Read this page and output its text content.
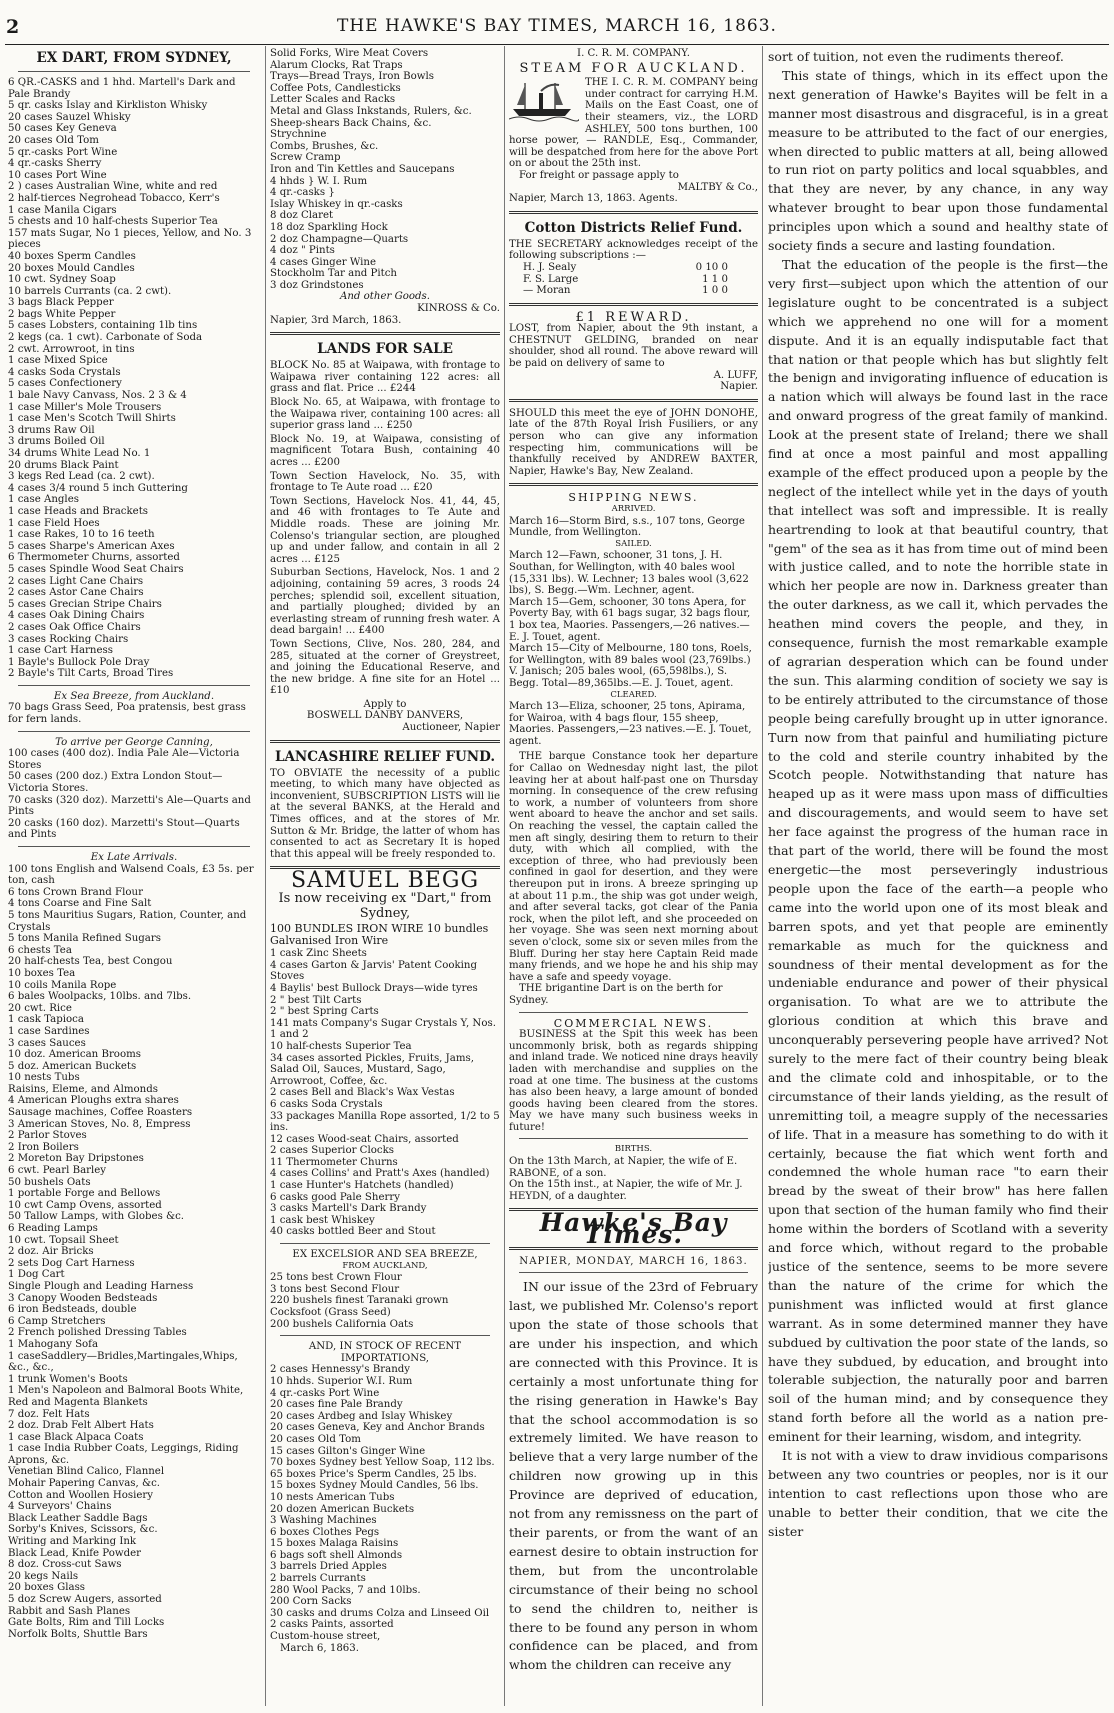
2	THE HAWKE'S BAY TIMES, MARCH 16, 1863.
EX DART, FROM SYDNEY,

6 QR.-CASKS and 1 hhd. Martell's Dark and Pale Brandy

5 qr. casks Islay and Kirkliston Whisky

20 cases Sauzel Whisky

50 cases Key Geneva

20 cases Old Tom

5 qr.-casks Port Wine

4 qr.-casks Sherry

10 cases Port Wine

2 ) cases Australian Wine, white and red

2 half-tierces Negrohead Tobacco, Kerr's

1 case Manila Cigars

5 chests and 10 half-chests Superior Tea

157 mats Sugar, No 1 pieces, Yellow, and No. 3 pieces

40 boxes Sperm Candles

20 boxes Mould Candles

10 cwt. Sydney Soap

10 barrels Currants (ca. 2 cwt).

3 bags Black Pepper

2 bags White Pepper

5 cases Lobsters, containing 1lb tins

2 kegs (ca. 1 cwt). Carbonate of Soda

2 cwt. Arrowroot, in tins

1 case Mixed Spice

4 casks Soda Crystals

5 cases Confectionery

1 bale Navy Canvass, Nos. 2 3 & 4

1 case Miller's Mole Trousers

1 case Men's Scotch Twill Shirts

3 drums Raw Oil

3 drums Boiled Oil

34 drums White Lead No. 1

20 drums Black Paint

3 kegs Red Lead (ca. 2 cwt).

4 cases 3/4 round 5 inch Guttering

1 case Angles

1 case Heads and Brackets

1 case Field Hoes

1 case Rakes, 10 to 16 teeth

5 cases Sharpe's American Axes

6 Thermometer Churns, assorted

5 cases Spindle Wood Seat Chairs

2 cases Light Cane Chairs

2 cases Astor Cane Chairs

5 cases Grecian Stripe Chairs

4 cases Oak Dining Chairs

2 cases Oak Office Chairs

3 cases Rocking Chairs

1 case Cart Harness

1 Bayle's Bullock Pole Dray

2 Bayle's Tilt Carts, Broad Tires

Ex Sea Breeze, from Auckland.

70 bags Grass Seed, Poa pratensis, best grass for fern lands.

To arrive per George Canning,

100 cases (400 doz). India Pale Ale—Victoria Stores

50 cases (200 doz.) Extra London Stout—Victoria Stores.

70 casks (320 doz). Marzetti's Ale—Quarts and Pints

20 casks (160 doz). Marzetti's Stout—Quarts and Pints

Ex Late Arrivals.

100 tons English and Walsend Coals, £3 5s. per ton, cash

6 tons Crown Brand Flour

4 tons Coarse and Fine Salt

5 tons Mauritius Sugars, Ration, Counter, and Crystals

5 tons Manila Refined Sugars

6 chests Tea

20 half-chests Tea, best Congou

10 boxes Tea

10 coils Manila Rope

6 bales Woolpacks, 10lbs. and 7lbs.

20 cwt. Rice

1 cask Tapioca

1 case Sardines

3 cases Sauces

10 doz. American Brooms

5 doz. American Buckets

10 nests Tubs

Raisins, Eleme, and Almonds

4 American Ploughs extra shares

Sausage machines, Coffee Roasters

3 American Stoves, No. 8, Empress

2 Parlor Stoves

2 Iron Boilers

2 Moreton Bay Dripstones

6 cwt. Pearl Barley

50 bushels Oats

1 portable Forge and Bellows

10 cwt Camp Ovens, assorted

50 Tallow Lamps, with Globes &c.

6 Reading Lamps

10 cwt. Topsail Sheet

2 doz. Air Bricks

2 sets Dog Cart Harness

1 Dog Cart

Single Plough and Leading Harness

3 Canopy Wooden Bedsteads

6 iron Bedsteads, double

6 Camp Stretchers

2 French polished Dressing Tables

1 Mahogany Sofa

1 caseSaddlery—Bridles,Martingales,Whips, &c., &c.,

1 trunk Women's Boots

1 Men's Napoleon and Balmoral Boots White, Red and Magenta Blankets

7 doz. Felt Hats

2 doz. Drab Felt Albert Hats

1 case Black Alpaca Coats

1 case India Rubber Coats, Leggings, Riding Aprons, &c.

Venetian Blind Calico, Flannel

Mohair Papering Canvas, &c.

Cotton and Woollen Hosiery

4 Surveyors' Chains

Black Leather Saddle Bags

Sorby's Knives, Scissors, &c.

Writing and Marking Ink

Black Lead, Knife Powder

8 doz. Cross-cut Saws

20 kegs Nails

20 boxes Glass

5 doz Screw Augers, assorted

Rabbit and Sash Planes

Gate Bolts, Rim and Till Locks

Norfolk Bolts, Shuttle Bars

Solid Forks, Wire Meat Covers

Alarum Clocks, Rat Traps

Trays—Bread Trays, Iron Bowls

Coffee Pots, Candlesticks

Letter Scales and Racks

Metal and Glass Inkstands, Rulers, &c.

Sheep-shears Back Chains, &c.

Strychnine

Combs, Brushes, &c.

Screw Cramp

Iron and Tin Kettles and Saucepans

4 hhds } W. I. Rum

4 qr.-casks }

Islay Whiskey in qr.-casks

8 doz Claret

18 doz Sparkling Hock

2 doz Champagne—Quarts

4 doz " Pints

4 cases Ginger Wine

Stockholm Tar and Pitch

3 doz Grindstones

And other Goods.

KINROSS & Co.

Napier, 3rd March, 1863.

LANDS FOR SALE

BLOCK No. 85 at Waipawa, with frontage to Waipawa river containing 122 acres: all grass and flat. Price ... £244

Block No. 65, at Waipawa, with frontage to the Waipawa river, containing 100 acres: all superior grass land ... £250

Block No. 19, at Waipawa, consisting of magnificent Totara Bush, containing 40 acres ... £200

Town Section Havelock, No. 35, with frontage to Te Aute road ... £20

Town Sections, Havelock Nos. 41, 44, 45, and 46 with frontages to Te Aute and Middle roads. These are joining Mr. Colenso's triangular section, are ploughed up and under fallow, and contain in all 2 acres ... £125

Suburban Sections, Havelock, Nos. 1 and 2 adjoining, containing 59 acres, 3 roods 24 perches; splendid soil, excellent situation, and partially ploughed; divided by an everlasting stream of running fresh water. A dead bargain! ... £400

Town Sections, Clive, Nos. 280, 284, and 285, situated at the corner of Greystreet, and joining the Educational Reserve, and the new bridge. A fine site for an Hotel ... £10

Apply to

BOSWELL DANBY DANVERS,

Auctioneer, Napier

LANCASHIRE RELIEF FUND.

TO OBVIATE the necessity of a public meeting, to which many have objected as inconvenient, SUBSCRIPTION LISTS will lie at the several BANKS, at the Herald and Times offices, and at the stores of Mr. Sutton & Mr. Bridge, the latter of whom has consented to act as Secretary It is hoped that this appeal will be freely responded to.

SAMUEL BEGG

Is now receiving ex "Dart," from Sydney,

100 BUNDLES IRON WIRE 10 bundles Galvanised Iron Wire

1 cask Zinc Sheets

4 cases Garton & Jarvis' Patent Cooking Stoves

4 Baylis' best Bullock Drays—wide tyres

2 " best Tilt Carts

2 " best Spring Carts

141 mats Company's Sugar Crystals Y, Nos. 1 and 2

10 half-chests Superior Tea

34 cases assorted Pickles, Fruits, Jams, Salad Oil, Sauces, Mustard, Sago, Arrowroot, Coffee, &c.

2 cases Bell and Black's Wax Vestas

6 casks Soda Crystals

33 packages Manilla Rope assorted, 1/2 to 5 ins.

12 cases Wood-seat Chairs, assorted

2 cases Superior Clocks

11 Thermometer Churns

4 cases Collins' and Pratt's Axes (handled)

1 case Hunter's Hatchets (handled)

6 casks good Pale Sherry

3 casks Martell's Dark Brandy

1 cask best Whiskey

40 casks bottled Beer and Stout

EX EXCELSIOR AND SEA BREEZE,

FROM AUCKLAND,

25 tons best Crown Flour

3 tons best Second Flour

220 bushels finest Taranaki grown Cocksfoot (Grass Seed)

200 bushels California Oats

AND, IN STOCK OF RECENT IMPORTATIONS,

2 cases Hennessy's Brandy

10 hhds. Superior W.I. Rum

4 qr.-casks Port Wine

20 cases fine Pale Brandy

20 cases Ardbeg and Islay Whiskey

20 cases Geneva, Key and Anchor Brands

20 cases Old Tom

15 cases Gilton's Ginger Wine

70 boxes Sydney best Yellow Soap, 112 lbs.

65 boxes Price's Sperm Candles, 25 lbs.

15 boxes Sydney Mould Candles, 56 lbs.

10 nests American Tubs

20 dozen American Buckets

3 Washing Machines

6 boxes Clothes Pegs

15 boxes Malaga Raisins

6 bags soft shell Almonds

3 barrels Dried Apples

2 barrels Currants

280 Wool Packs, 7 and 10lbs.

200 Corn Sacks

30 casks and drums Colza and Linseed Oil

2 casks Paints, assorted

Custom-house street,

March 6, 1863.

I. C. R. M. COMPANY.

STEAM FOR AUCKLAND.

THE I. C. R. M. COMPANY being under contract for carrying H.M. Mails on the East Coast, one of their steamers, viz., the LORD ASHLEY, 500 tons burthen, 100 horse power, — RANDLE, Esq., Commander, will be despatched from here for the above Port on or about the 25th inst.

For freight or passage apply to

MALTBY & Co.,

Napier, March 13, 1863. Agents.

Cotton Districts Relief Fund.

THE SECRETARY acknowledges receipt of the following subscriptions :—

H. J. Sealy	0 10 0
F. S. Large	1 1 0
— Moran	1 0 0

£1 REWARD.

LOST, from Napier, about the 9th instant, a CHESTNUT GELDING, branded on near shoulder, shod all round. The above reward will be paid on delivery of same to

A. LUFF,

Napier.

SHOULD this meet the eye of JOHN DONOHE, late of the 87th Royal Irish Fusiliers, or any person who can give any information respecting him, communications will be thankfully received by ANDREW BAXTER, Napier, Hawke's Bay, New Zealand.

SHIPPING NEWS.

ARRIVED.

March 16—Storm Bird, s.s., 107 tons, George Mundle, from Wellington.

SAILED.

March 12—Fawn, schooner, 31 tons, J. H. Southan, for Wellington, with 40 bales wool (15,331 lbs). W. Lechner; 13 bales wool (3,622 lbs), S. Begg.—Wm. Lechner, agent.

March 15—Gem, schooner, 30 tons Apera, for Poverty Bay, with 61 bags sugar, 32 bags flour, 1 box tea, Maories. Passengers,—26 natives.—E. J. Touet, agent.

March 15—City of Melbourne, 180 tons, Roels, for Wellington, with 89 bales wool (23,769lbs.) V. Janisch; 205 bales wool, (65,598lbs.), S. Begg. Total—89,365lbs.—E. J. Touet, agent.

CLEARED.

March 13—Eliza, schooner, 25 tons, Apirama, for Wairoa, with 4 bags flour, 155 sheep, Maories. Passengers,—23 natives.—E. J. Touet, agent.

THE barque Constance took her departure for Callao on Wednesday night last, the pilot leaving her at about half-past one on Thursday morning. In consequence of the crew refusing to work, a number of volunteers from shore went aboard to heave the anchor and set sails. On reaching the vessel, the captain called the men aft singly, desiring them to return to their duty, with which all complied, with the exception of three, who had previously been confined in gaol for desertion, and they were thereupon put in irons. A breeze springing up at about 11 p.m., the ship was got under weigh, and after several tacks, got clear of the Pania rock, when the pilot left, and she proceeded on her voyage. She was seen next morning about seven o'clock, some six or seven miles from the Bluff. During her stay here Captain Reid made many friends, and we hope he and his ship may have a safe and speedy voyage.

THE brigantine Dart is on the berth for Sydney.

COMMERCIAL NEWS.

BUSINESS at the Spit this week has been uncommonly brisk, both as regards shipping and inland trade. We noticed nine drays heavily laden with merchandise and supplies on the road at one time. The business at the customs has also been heavy, a large amount of bonded goods having been cleared from the stores. May we have many such business weeks in future!

BIRTHS.

On the 13th March, at Napier, the wife of E. RABONE, of a son.

On the 15th inst., at Napier, the wife of Mr. J. HEYDN, of a daughter.

Hawke's Bay Times.

NAPIER, MONDAY, MARCH 16, 1863.

IN our issue of the 23rd of February last, we published Mr. Colenso's report upon the state of those schools that are under his inspection, and which are connected with this Province. It is certainly a most unfortunate thing for the rising generation in Hawke's Bay that the school accommodation is so extremely limited. We have reason to believe that a very large number of the children now growing up in this Province are deprived of education, not from any remissness on the part of their parents, or from the want of an earnest desire to obtain instruction for them, but from the uncontrolable circumstance of their being no school to send the children to, neither is there to be found any person in whom confidence can be placed, and from whom the children can receive any

sort of tuition, not even the rudiments thereof.

This state of things, which in its effect upon the next generation of Hawke's Bayites will be felt in a manner most disastrous and disgraceful, is in a great measure to be attributed to the fact of our energies, when directed to public matters at all, being allowed to run riot on party politics and local squabbles, and that they are never, by any chance, in any way whatever brought to bear upon those fundamental principles upon which a sound and healthy state of society finds a secure and lasting foundation.

That the education of the people is the first—the very first—subject upon which the attention of our legislature ought to be concentrated is a subject which we apprehend no one will for a moment dispute. And it is an equally indisputable fact that that nation or that people which has but slightly felt the benign and invigorating influence of education is a nation which will always be found last in the race and onward progress of the great family of mankind. Look at the present state of Ireland; there we shall find at once a most painful and most appalling example of the effect produced upon a people by the neglect of the intellect while yet in the days of youth that intellect was soft and impressible. It is really heartrending to look at that beautiful country, that "gem" of the sea as it has from time out of mind been with justice called, and to note the horrible state in which her people are now in. Darkness greater than the outer darkness, as we call it, which pervades the heathen mind covers the people, and they, in consequence, furnish the most remarkable example of agrarian desperation which can be found under the sun. This alarming condition of society we say is to be entirely attributed to the circumstance of those people being carefully brought up in utter ignorance. Turn now from that painful and humiliating picture to the cold and sterile country inhabited by the Scotch people. Notwithstanding that nature has heaped up as it were mass upon mass of difficulties and discouragements, and would seem to have set her face against the progress of the human race in that part of the world, there will be found the most energetic—the most perseveringly industrious people upon the face of the earth—a people who came into the world upon one of its most bleak and barren spots, and yet that people are eminently remarkable as much for the quickness and soundness of their mental development as for the undeniable endurance and power of their physical organisation. To what are we to attribute the glorious condition at which this brave and unconquerably persevering people have arrived? Not surely to the mere fact of their country being bleak and the climate cold and inhospitable, or to the circumstance of their lands yielding, as the result of unremitting toil, a meagre supply of the necessaries of life. That in a measure has something to do with it certainly, because the fiat which went forth and condemned the whole human race "to earn their bread by the sweat of their brow" has here fallen upon that section of the human family who find their home within the borders of Scotland with a severity and force which, without regard to the probable justice of the sentence, seems to be more severe than the nature of the crime for which the punishment was inflicted would at first glance warrant. As in some determined manner they have subdued by cultivation the poor state of the lands, so have they subdued, by education, and brought into tolerable subjection, the naturally poor and barren soil of the human mind; and by consequence they stand forth before all the world as a nation pre-eminent for their learning, wisdom, and integrity.

It is not with a view to draw invidious comparisons between any two countries or peoples, nor is it our intention to cast reflections upon those who are unable to better their condition, that we cite the sister
